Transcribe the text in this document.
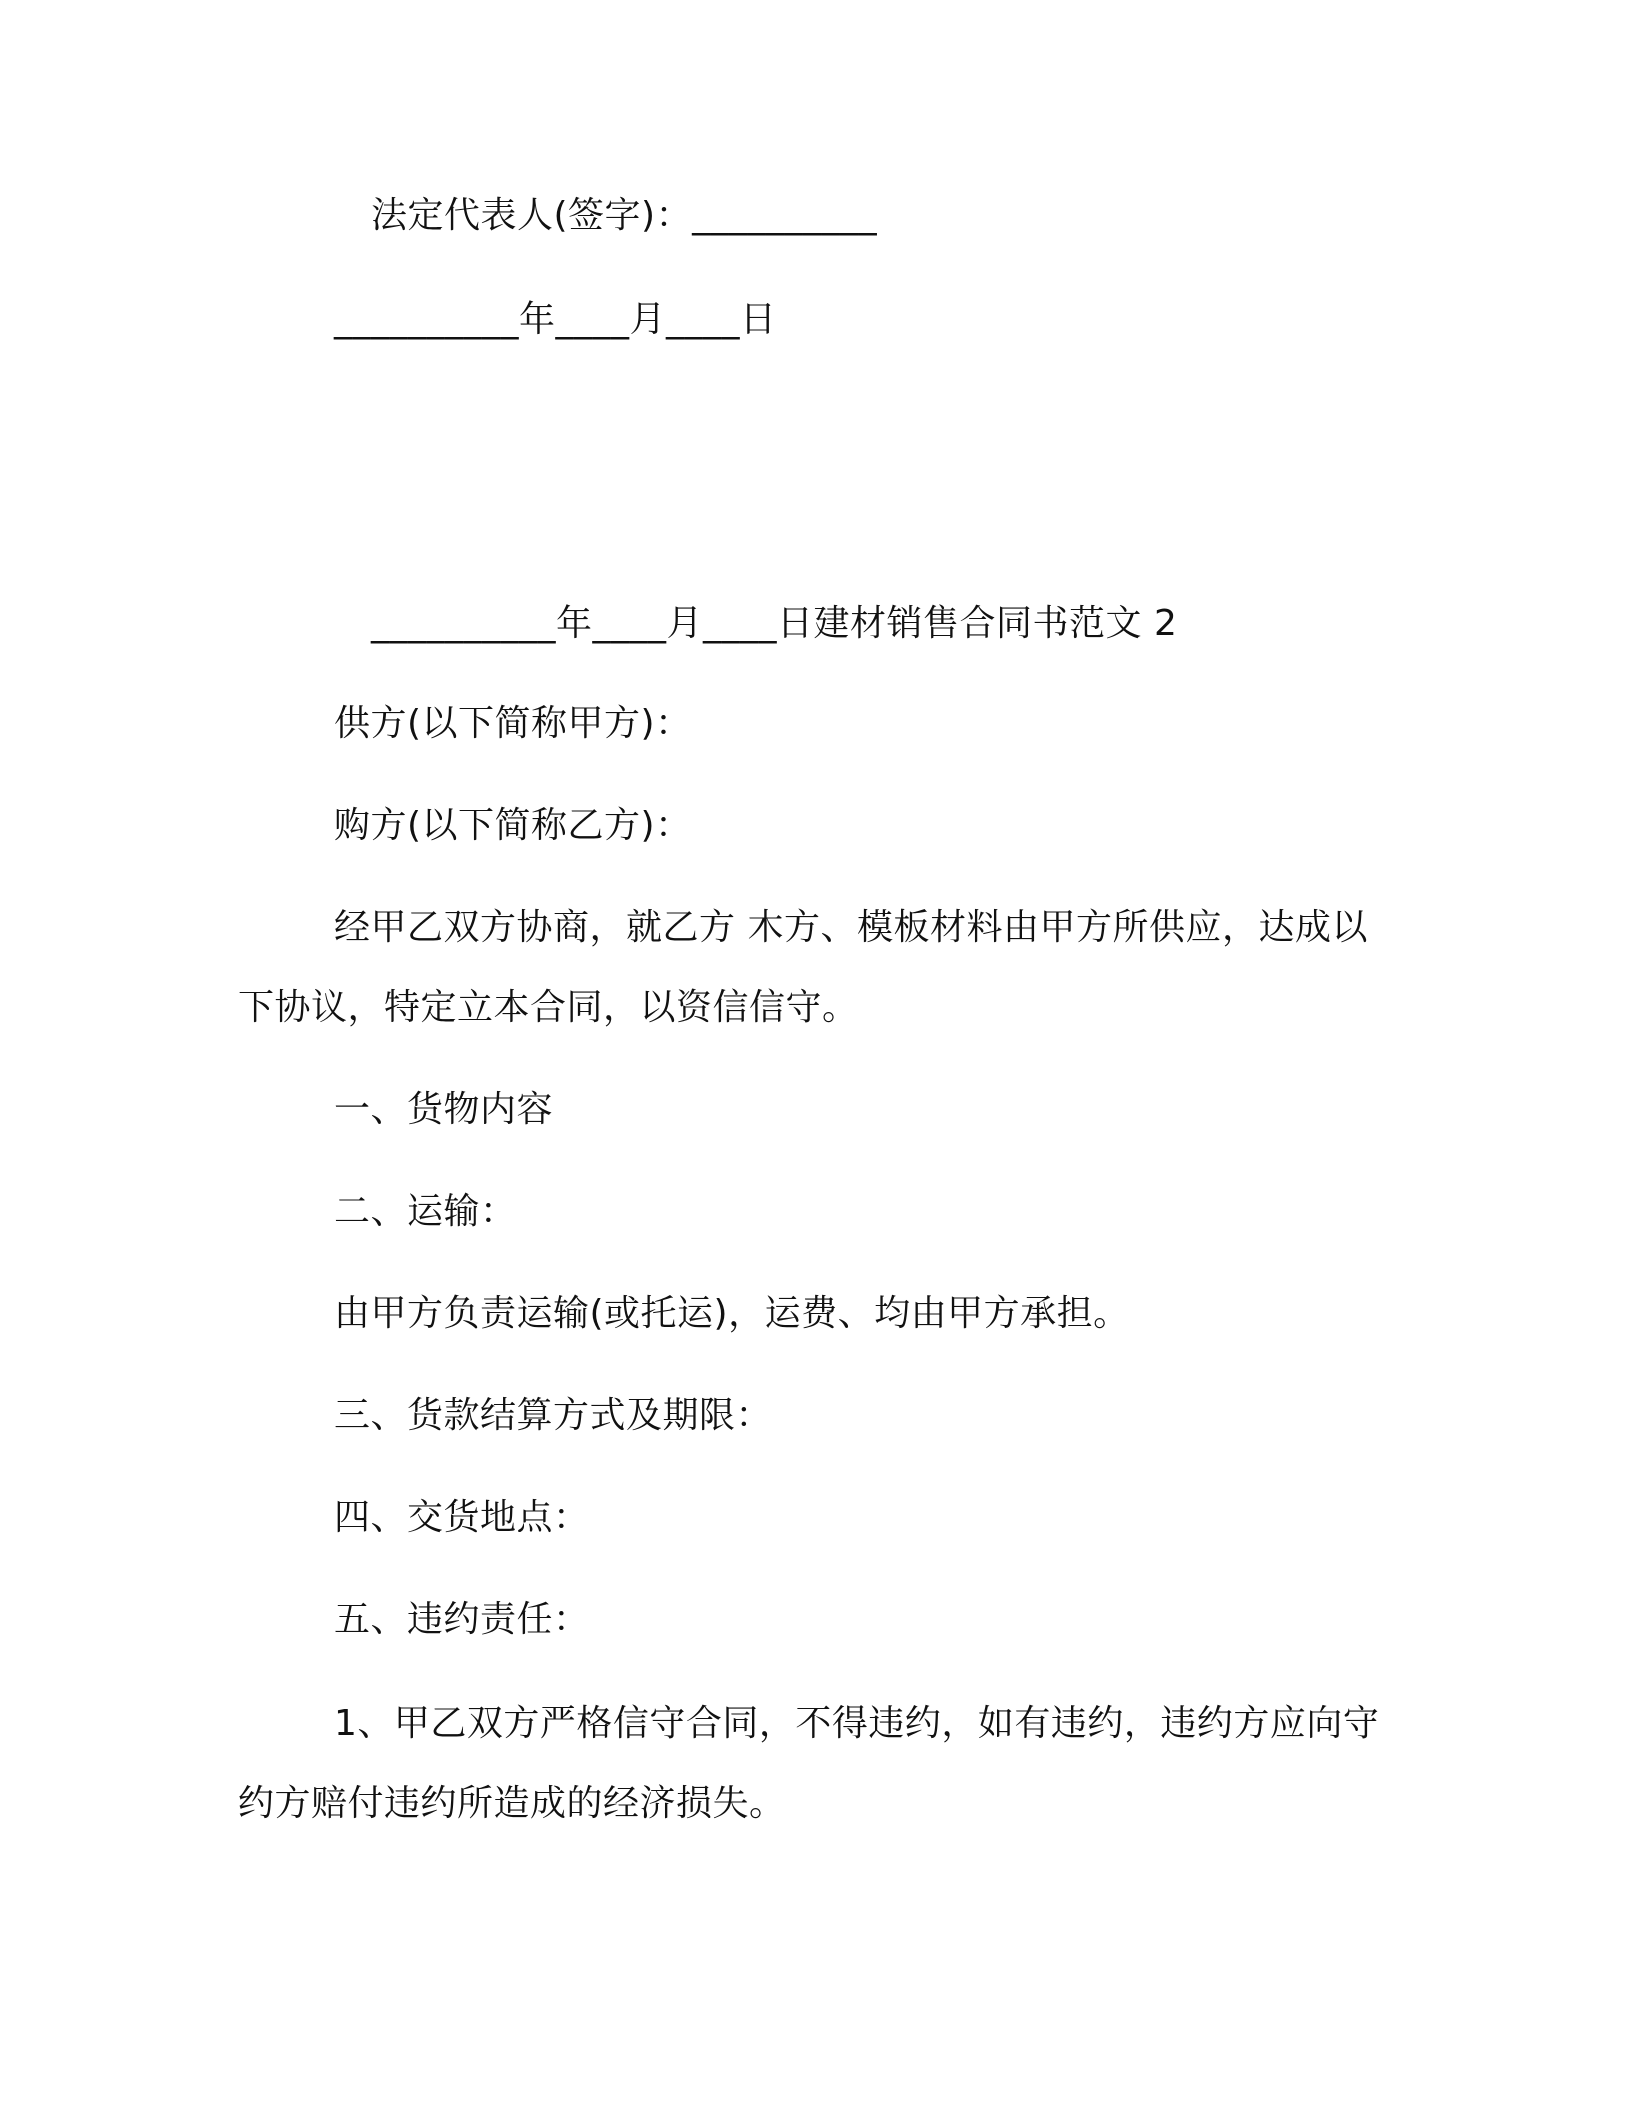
法定代表人(签字)：__________
__________年____月____日
__________年____月____日建材销售合同书范文 2
供方(以下简称甲方)：
购方(以下简称乙方)：
经甲乙双方协商，就乙方 木方、模板材料由甲方所供应，达成以下协议，特定立本合同，以资信信守。
一、货物内容
二、运输：
由甲方负责运输(或托运)，运费、均由甲方承担。
三、货款结算方式及期限：
四、交货地点：
五、违约责任：
1、甲乙双方严格信守合同，不得违约，如有违约，违约方应向守约方赔付违约所造成的经济损失。
